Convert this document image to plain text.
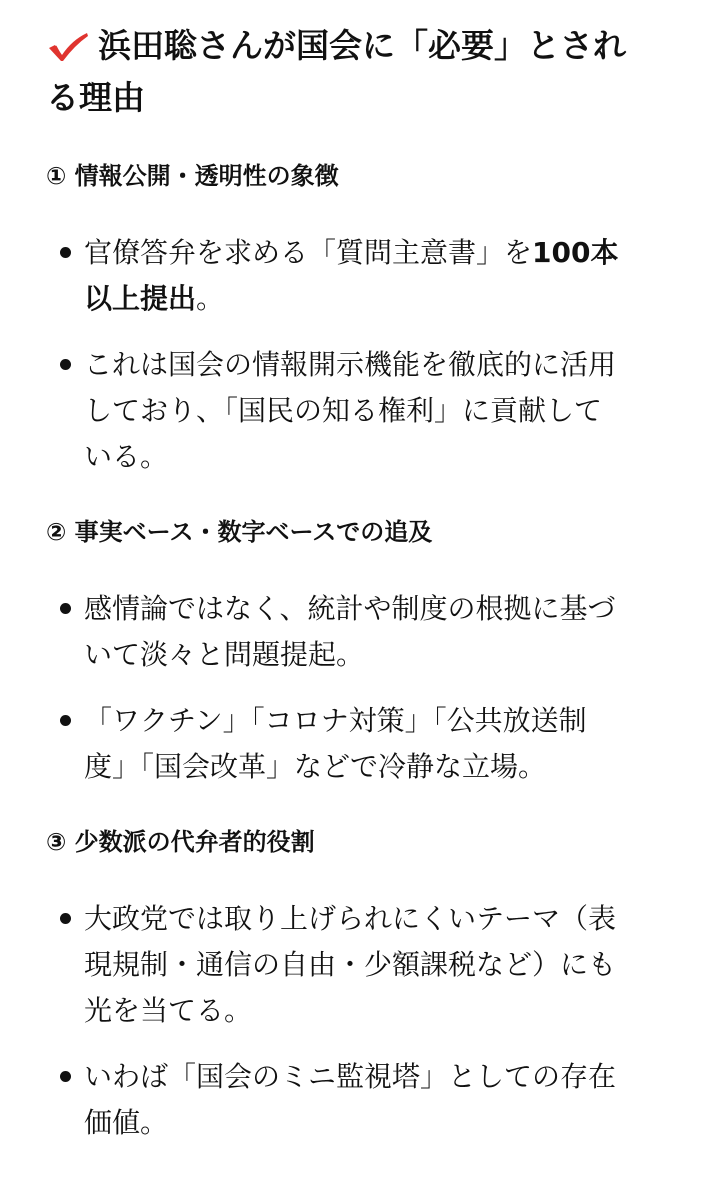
浜田聡さんが国会に「必要」とされ
る理由
① 情報公開・透明性の象徴
官僚答弁を求める「質問主意書」を100本
以上提出。
これは国会の情報開示機能を徹底的に活用
しており、「国民の知る権利」に貢献して
いる。
② 事実ベース・数字ベースでの追及
感情論ではなく、統計や制度の根拠に基づ
いて淡々と問題提起。
「ワクチン」「コロナ対策」「公共放送制
度」「国会改革」などで冷静な立場。
③ 少数派の代弁者的役割
大政党では取り上げられにくいテーマ（表
現規制・通信の自由・少額課税など）にも
光を当てる。
いわば「国会のミニ監視塔」としての存在
価値。
